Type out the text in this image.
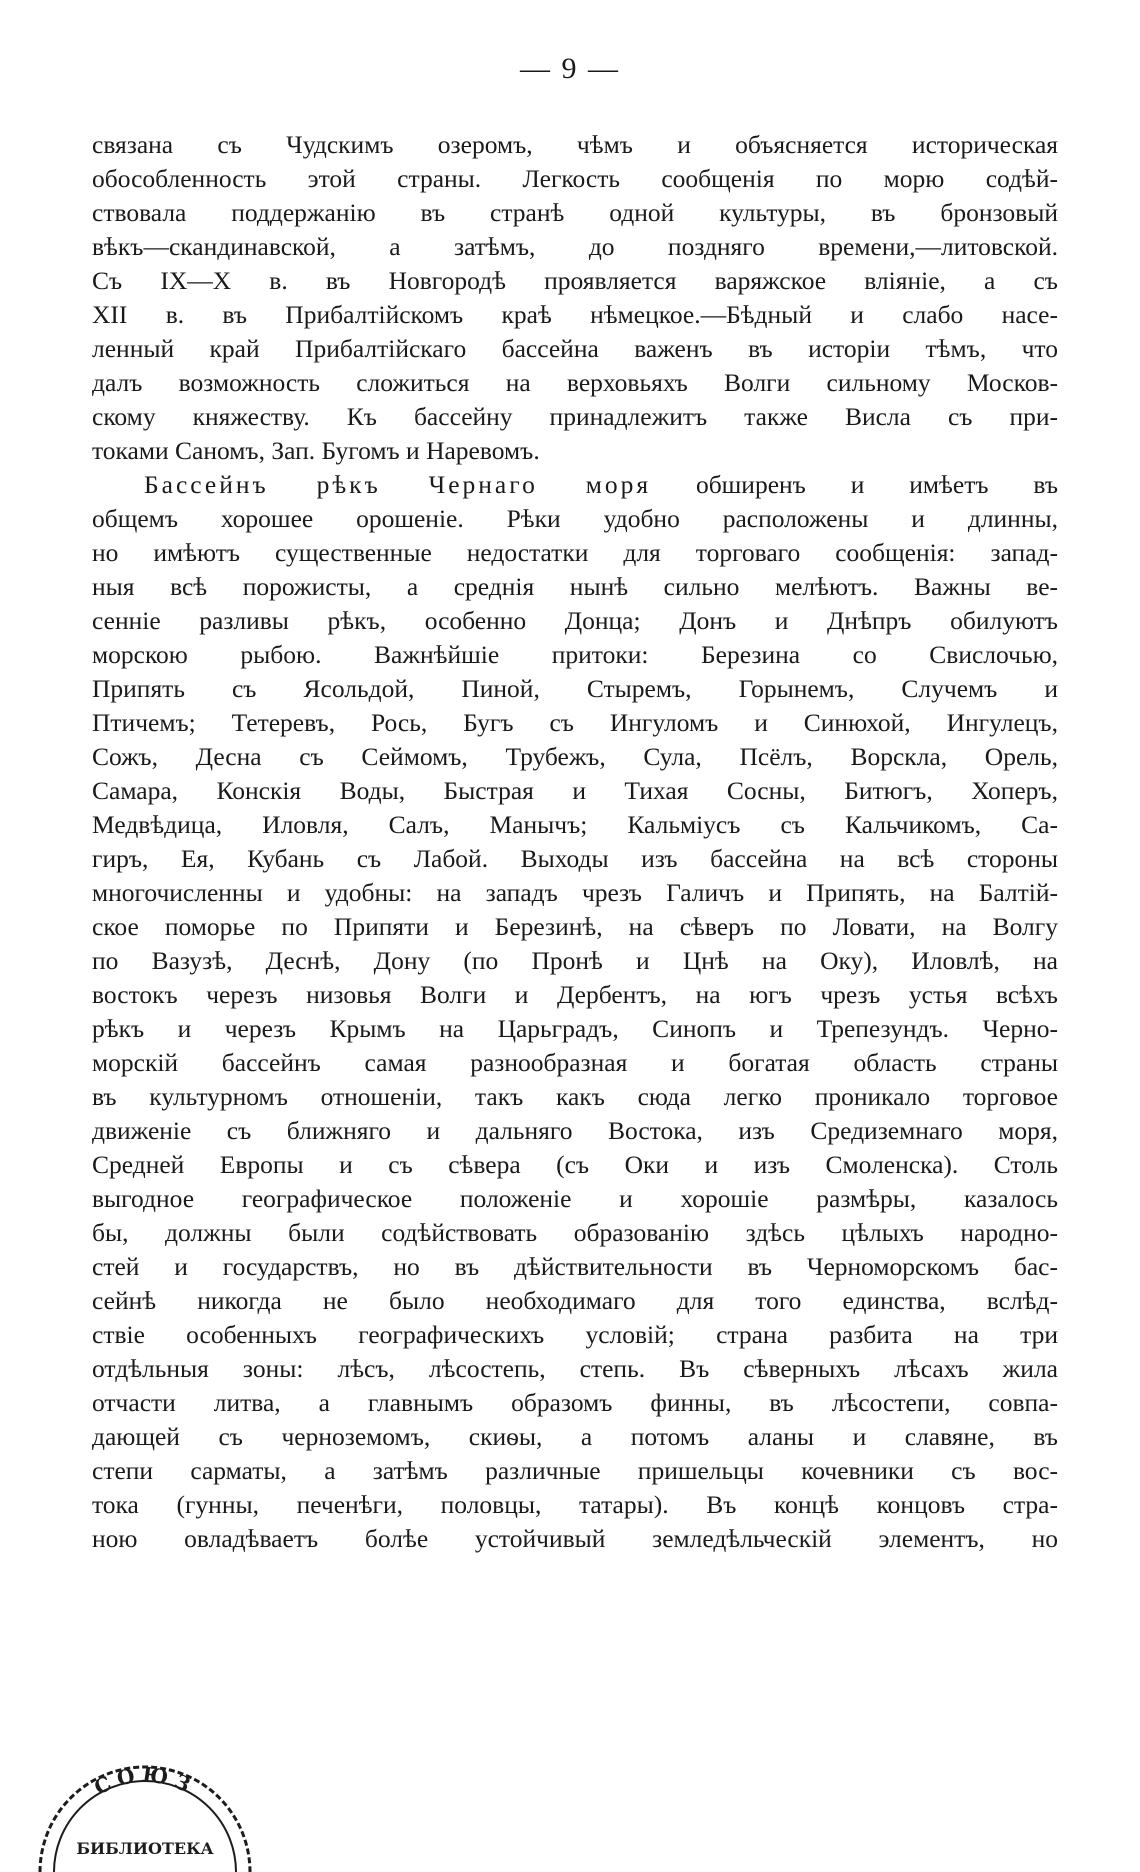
— 9 —
связана съ Чудскимъ озеромъ, чѣмъ и объясняется историческая
обособленность этой страны. Легкость сообщенія по морю содѣй-
ствовала поддержанію въ странѣ одной культуры, въ бронзовый
вѣкъ—скандинавской, а затѣмъ, до поздняго времени,—литовской.
Съ IX—X в. въ Новгородѣ проявляется варяжское вліяніе, а съ
XII в. въ Прибалтійскомъ краѣ нѣмецкое.—Бѣдный и слабо насе-
ленный край Прибалтійскаго бассейна важенъ въ исторіи тѣмъ, что
далъ возможность сложиться на верховьяхъ Волги сильному Москов-
скому княжеству. Къ бассейну принадлежитъ также Висла съ при-
токами Саномъ, Зап. Бугомъ и Наревомъ.
Бассейнъ рѣкъ Чернаго моря обширенъ и имѣетъ въ
общемъ хорошее орошеніе. Рѣки удобно расположены и длинны,
но имѣютъ существенные недостатки для торговаго сообщенія: запад-
ныя всѣ порожисты, а среднія нынѣ сильно мелѣютъ. Важны ве-
сенніе разливы рѣкъ, особенно Донца; Донъ и Днѣпръ обилуютъ
морскою рыбою. Важнѣйшіе притоки: Березина со Свислочью,
Припять съ Ясольдой, Пиной, Стыремъ, Горынемъ, Случемъ и
Птичемъ; Тетеревъ, Рось, Бугъ съ Ингуломъ и Синюхой, Ингулецъ,
Сожъ, Десна съ Сеймомъ, Трубежъ, Сула, Псёлъ, Ворскла, Орель,
Самара, Конскія Воды, Быстрая и Тихая Сосны, Битюгъ, Хоперъ,
Медвѣдица, Иловля, Салъ, Манычъ; Кальміусъ съ Кальчикомъ, Са-
гиръ, Ея, Кубань съ Лабой. Выходы изъ бассейна на всѣ стороны
многочисленны и удобны: на западъ чрезъ Галичъ и Припять, на Балтій-
ское поморье по Припяти и Березинѣ, на сѣверъ по Ловати, на Волгу
по Вазузѣ, Деснѣ, Дону (по Пронѣ и Цнѣ на Оку), Иловлѣ, на
востокъ черезъ низовья Волги и Дербентъ, на югъ чрезъ устья всѣхъ
рѣкъ и черезъ Крымъ на Царьградъ, Синопъ и Трепезундъ. Черно-
морскій бассейнъ самая разнообразная и богатая область страны
въ культурномъ отношеніи, такъ какъ сюда легко проникало торговое
движеніе съ ближняго и дальняго Востока, изъ Средиземнаго моря,
Средней Европы и съ сѣвера (съ Оки и изъ Смоленска). Столь
выгодное географическое положеніе и хорошіе размѣры, казалось
бы, должны были содѣйствовать образованію здѣсь цѣлыхъ народно-
стей и государствъ, но въ дѣйствительности въ Черноморскомъ бас-
сейнѣ никогда не было необходимаго для того единства, вслѣд-
ствіе особенныхъ географическихъ условій; страна разбита на три
отдѣльныя зоны: лѣсъ, лѣсостепь, степь. Въ сѣверныхъ лѣсахъ жила
отчасти литва, а главнымъ образомъ финны, въ лѣсостепи, совпа-
дающей съ черноземомъ, скиѳы, а потомъ аланы и славяне, въ
степи сарматы, а затѣмъ различные пришельцы кочевники съ вос-
тока (гунны, печенѣги, половцы, татары). Въ концѣ концовъ стра-
ною овладѣваетъ болѣе устойчивый земледѣльческій элементъ, но
СОЮЗ
БИБЛИОТЕКА
